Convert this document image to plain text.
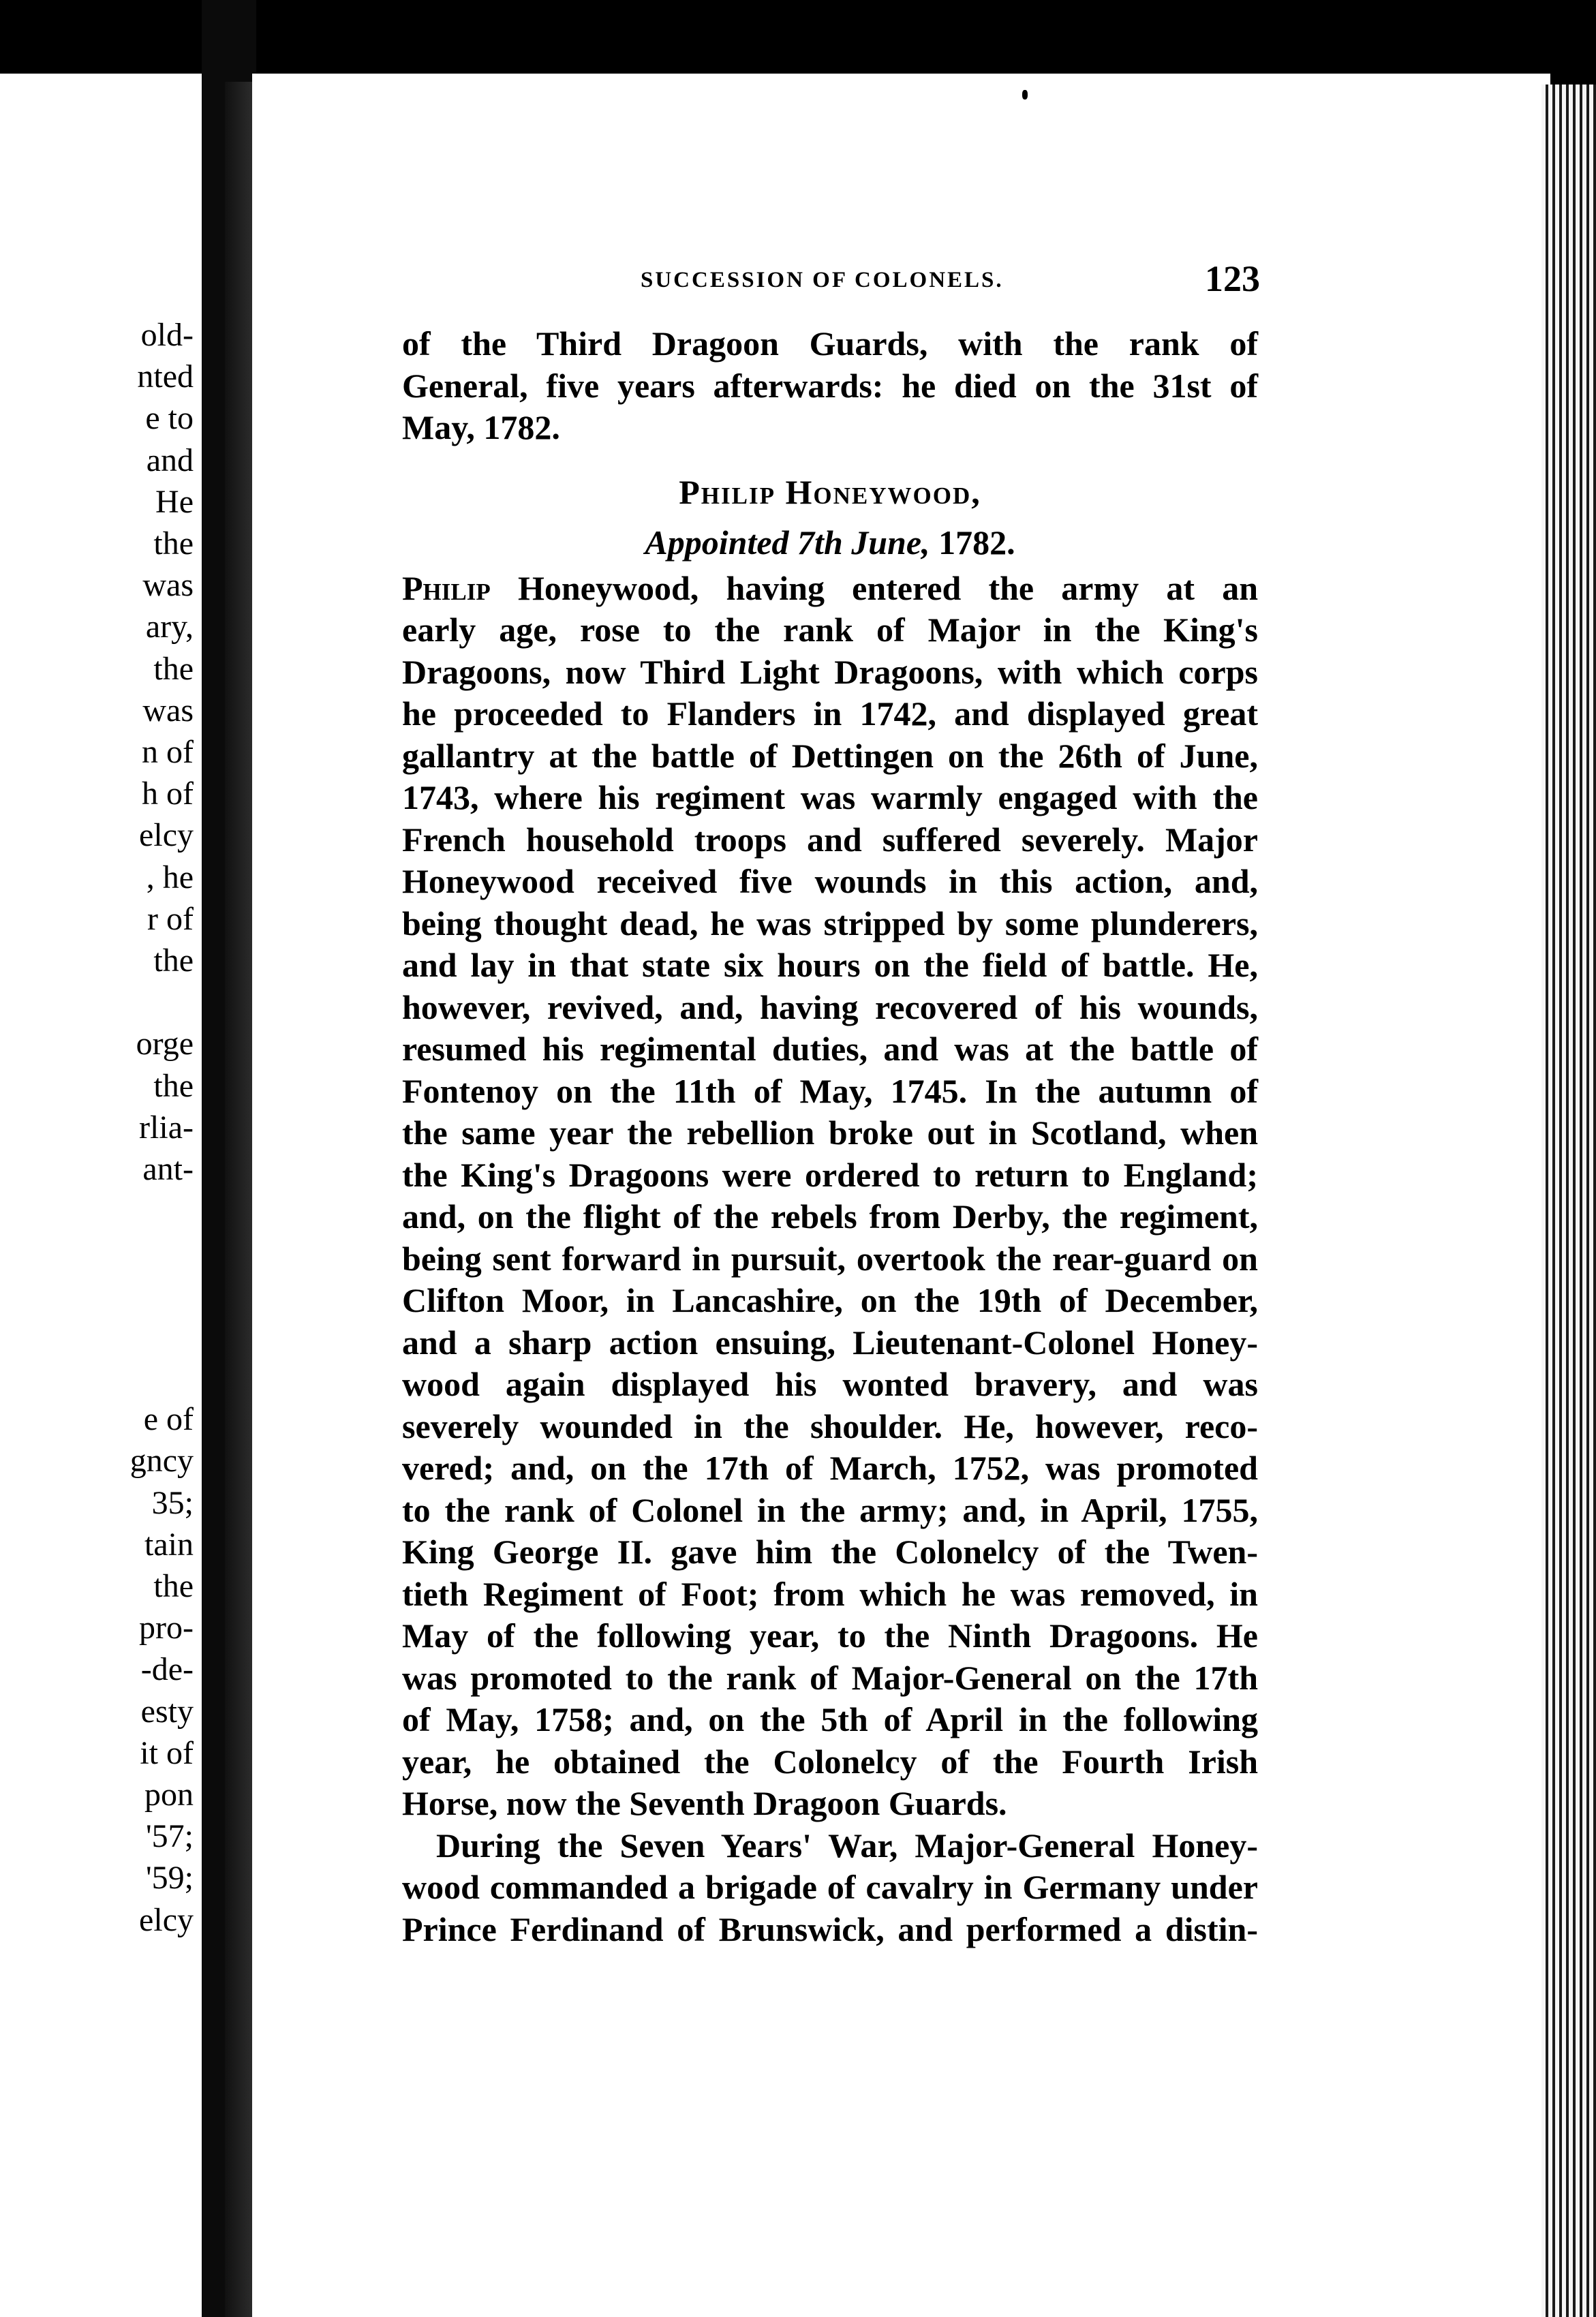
old-
nted
e to
and
He
the
was
ary,
the
was
n of
h of
elcy
, he
r of
the
orge
the
rlia-
ant-
e of
gncy
35;
tain
the
pro-
-de-
esty
it of
pon
'57;
'59;
elcy
SUCCESSION OF COLONELS.	123
of the Third Dragoon Guards, with the rank of
General, five years afterwards: he died on the 31st of
May, 1782.
Philip Honeywood,
Appointed 7th June, 1782.
Philip Honeywood, having entered the army at an
early age, rose to the rank of Major in the King's
Dragoons, now Third Light Dragoons, with which corps
he proceeded to Flanders in 1742, and displayed great
gallantry at the battle of Dettingen on the 26th of June,
1743, where his regiment was warmly engaged with the
French household troops and suffered severely. Major
Honeywood received five wounds in this action, and,
being thought dead, he was stripped by some plunderers,
and lay in that state six hours on the field of battle. He,
however, revived, and, having recovered of his wounds,
resumed his regimental duties, and was at the battle of
Fontenoy on the 11th of May, 1745. In the autumn of
the same year the rebellion broke out in Scotland, when
the King's Dragoons were ordered to return to England;
and, on the flight of the rebels from Derby, the regiment,
being sent forward in pursuit, overtook the rear-guard on
Clifton Moor, in Lancashire, on the 19th of December,
and a sharp action ensuing, Lieutenant-Colonel Honey-
wood again displayed his wonted bravery, and was
severely wounded in the shoulder. He, however, reco-
vered; and, on the 17th of March, 1752, was promoted
to the rank of Colonel in the army; and, in April, 1755,
King George II. gave him the Colonelcy of the Twen-
tieth Regiment of Foot; from which he was removed, in
May of the following year, to the Ninth Dragoons. He
was promoted to the rank of Major-General on the 17th
of May, 1758; and, on the 5th of April in the following
year, he obtained the Colonelcy of the Fourth Irish
Horse, now the Seventh Dragoon Guards.
During the Seven Years' War, Major-General Honey-
wood commanded a brigade of cavalry in Germany under
Prince Ferdinand of Brunswick, and performed a distin-
